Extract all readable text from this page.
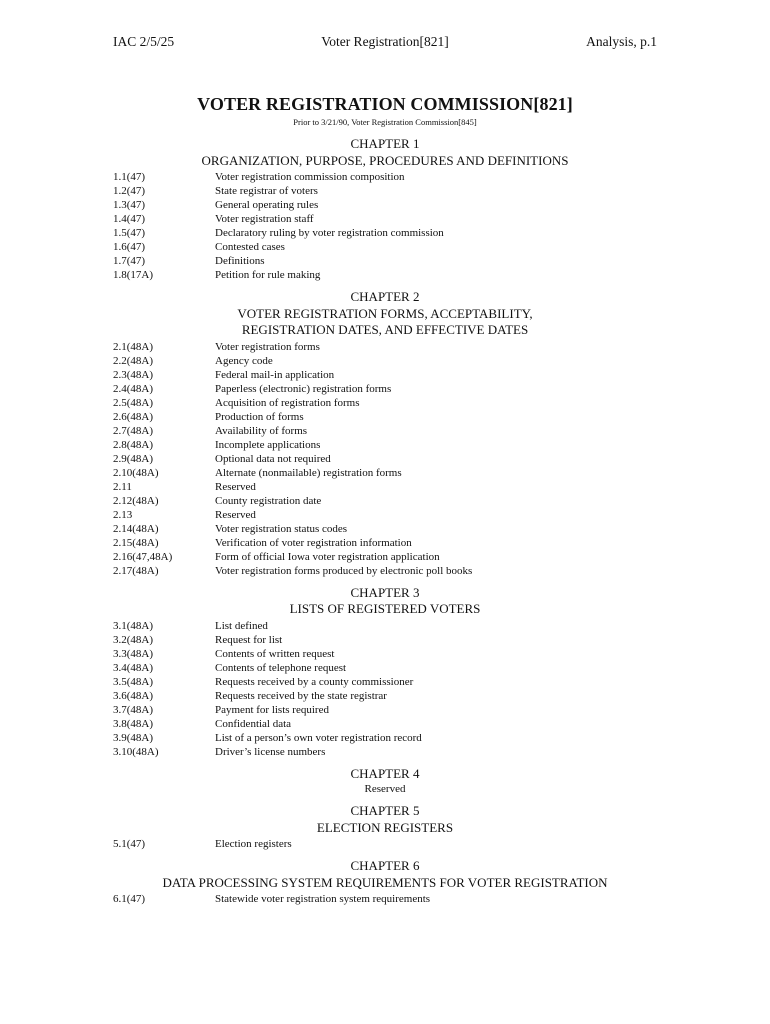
Voter Registration[821]
IAC 2/5/25	Analysis, p.1
VOTER REGISTRATION COMMISSION[821]
Prior to 3/21/90, Voter Registration Commission[845]
CHAPTER 1
ORGANIZATION, PURPOSE, PROCEDURES AND DEFINITIONS
1.1(47)	Voter registration commission composition
1.2(47)	State registrar of voters
1.3(47)	General operating rules
1.4(47)	Voter registration staff
1.5(47)	Declaratory ruling by voter registration commission
1.6(47)	Contested cases
1.7(47)	Definitions
1.8(17A)	Petition for rule making
CHAPTER 2
VOTER REGISTRATION FORMS, ACCEPTABILITY,
REGISTRATION DATES, AND EFFECTIVE DATES
2.1(48A)	Voter registration forms
2.2(48A)	Agency code
2.3(48A)	Federal mail-in application
2.4(48A)	Paperless (electronic) registration forms
2.5(48A)	Acquisition of registration forms
2.6(48A)	Production of forms
2.7(48A)	Availability of forms
2.8(48A)	Incomplete applications
2.9(48A)	Optional data not required
2.10(48A)	Alternate (nonmailable) registration forms
2.11	Reserved
2.12(48A)	County registration date
2.13	Reserved
2.14(48A)	Voter registration status codes
2.15(48A)	Verification of voter registration information
2.16(47,48A)	Form of official Iowa voter registration application
2.17(48A)	Voter registration forms produced by electronic poll books
CHAPTER 3
LISTS OF REGISTERED VOTERS
3.1(48A)	List defined
3.2(48A)	Request for list
3.3(48A)	Contents of written request
3.4(48A)	Contents of telephone request
3.5(48A)	Requests received by a county commissioner
3.6(48A)	Requests received by the state registrar
3.7(48A)	Payment for lists required
3.8(48A)	Confidential data
3.9(48A)	List of a person’s own voter registration record
3.10(48A)	Driver’s license numbers
CHAPTER 4
Reserved
CHAPTER 5
ELECTION REGISTERS
5.1(47)	Election registers
CHAPTER 6
DATA PROCESSING SYSTEM REQUIREMENTS FOR VOTER REGISTRATION
6.1(47)	Statewide voter registration system requirements
